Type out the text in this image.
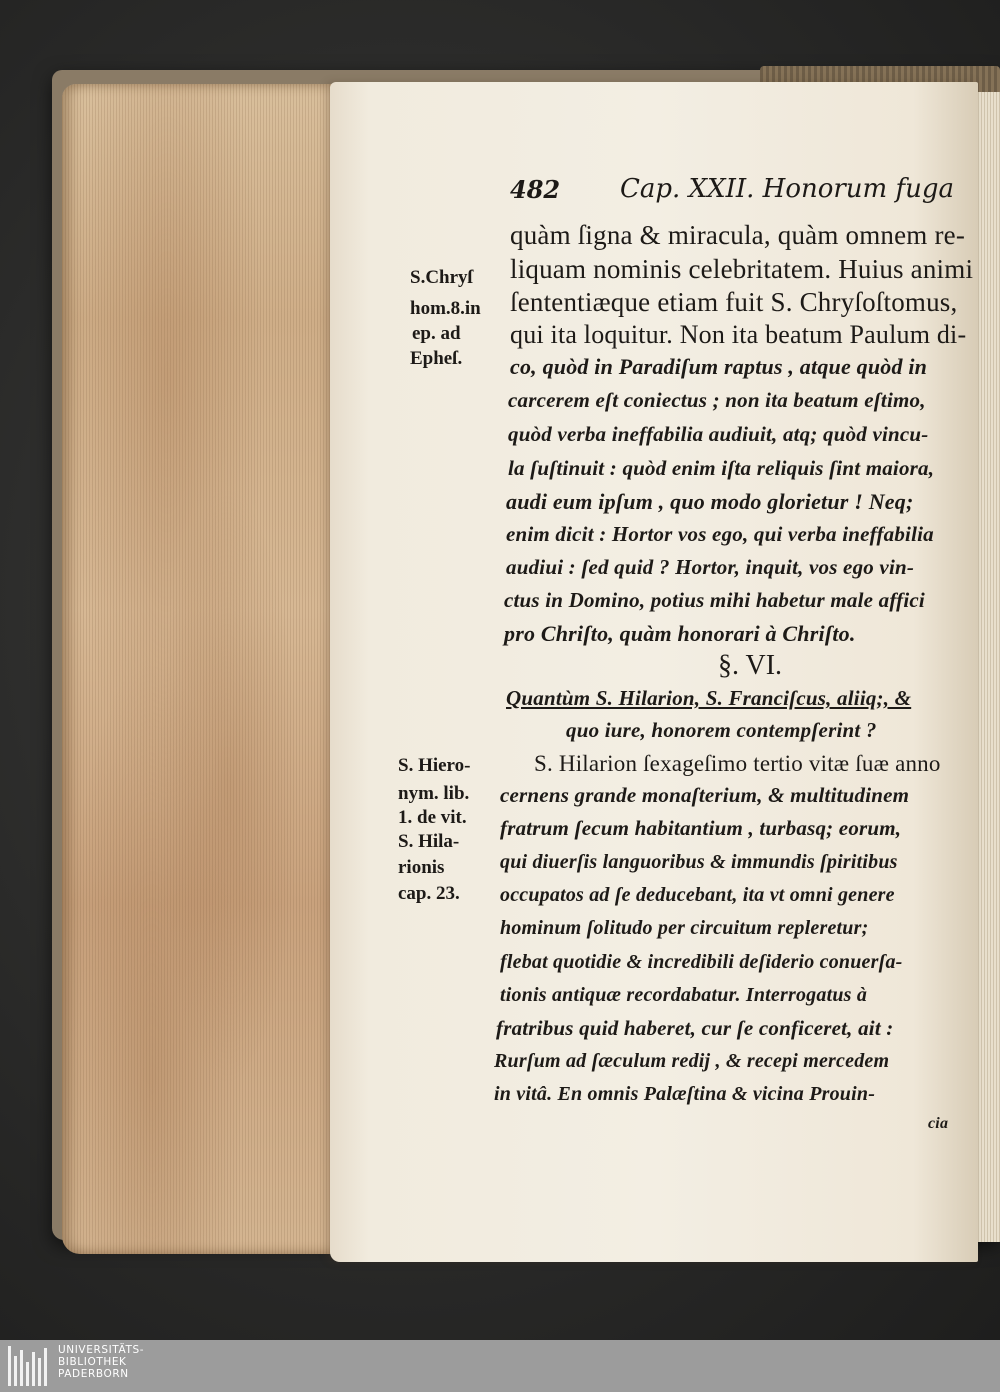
482 Cap. XXII. Honorum fuga
quàm ſigna & miracula, quàm omnem re-
liquam nominis celebritatem. Huius animi
ſententiæque etiam fuit S. Chryſoſtomus,
qui ita loquitur. Non ita beatum Paulum di-
co, quòd in Paradiſum raptus , atque quòd in
carcerem eſt coniectus ; non ita beatum eſtimo,
quòd verba ineffabilia audiuit, atq; quòd vincu-
la ſuſtinuit : quòd enim iſta reliquis ſint maiora,
audi eum ipſum , quo modo glorietur ! Neq;
enim dicit : Hortor vos ego, qui verba ineffabilia
audiui : ſed quid ? Hortor, inquit, vos ego vin-
ctus in Domino, potius mihi habetur male affici
pro Chriſto, quàm honorari à Chriſto.
§. VI.
Quantùm S. Hilarion, S. Franciſcus, aliiq;, &
quo iure, honorem contempſerint ?
S. Hilarion ſexageſimo tertio vitæ ſuæ anno
cernens grande monaſterium, & multitudinem
fratrum ſecum habitantium , turbasq; eorum,
qui diuerſis languoribus & immundis ſpiritibus
occupatos ad ſe deducebant, ita vt omni genere
hominum ſolitudo per circuitum repleretur;
flebat quotidie & incredibili deſiderio conuerſa-
tionis antiquæ recordabatur. Interrogatus à
fratribus quid haberet, cur ſe conficeret, ait :
Rurſum ad ſæculum redij , & recepi mercedem
in vitâ. En omnis Palæſtina & vicina Prouin-
cia
S.Chryſ
hom.8.in
ep. ad
Epheſ.
S. Hiero-
nym. lib.
1. de vit.
S. Hila-
rionis
cap. 23.
UNIVERSITÄTS-
BIBLIOTHEK
PADERBORN
